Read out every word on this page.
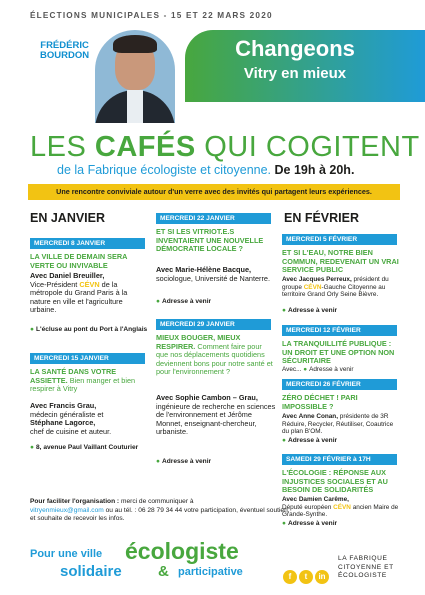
ÉLECTIONS MUNICIPALES - 15 ET 22 MARS 2020
Changeons
Vitry en mieux
FRÉDÉRIC
BOURDON
LES CAFÉS QUI COGITENT
de la Fabrique écologiste et citoyenne. De 19h à 20h.
Une rencontre conviviale autour d'un verre avec des invités qui partagent leurs expériences.
EN JANVIER	EN FÉVRIER
MERCREDI 8 JANVIER
LA VILLE DE DEMAIN SERA VERTE OU INVIVABLE
Avec Daniel Breuiller,
Vice-Président CÉVN de la métropole du Grand Paris à la nature en ville et l'agriculture urbaine.
● L'écluse au pont du Port à l'Anglais
MERCREDI 15 JANVIER
LA SANTÉ DANS VOTRE ASSIETTE. Bien manger et bien respirer à Vitry
Avec Francis Grau,
médecin généraliste et
Stéphane Lagorce,
chef de cuisine et auteur.
● 8, avenue Paul Vaillant Couturier
MERCREDI 22 JANVIER
ET SI LES VITRIOT.E.S INVENTAIENT UNE NOUVELLE DÉMOCRATIE LOCALE ?
Avec Marie-Hélène Bacque,
sociologue, Université de Nanterre.
● Adresse à venir
MERCREDI 29 JANVIER
MIEUX BOUGER, MIEUX RESPIRER. Comment faire pour que nos déplacements quotidiens deviennent bons pour notre santé et pour l'environnement ?
Avec Sophie Cambon – Grau,
ingénieure de recherche en sciences de l'environnement et Jérôme Monnet, enseignant-chercheur, urbaniste.
● Adresse à venir
MERCREDI 5 FÉVRIER
ET SI L'EAU, NOTRE BIEN COMMUN, REDEVENAIT UN VRAI SERVICE PUBLIC
Avec Jacques Perreux, président du groupe CÉVN-Gauche Citoyenne au territoire Grand Orly Seine Bièvre.
● Adresse à venir
MERCREDI 12 FÉVRIER
LA TRANQUILLITÉ PUBLIQUE : UN DROIT ET UNE OPTION NON SÉCURITAIRE
Avec... ● Adresse à venir
MERCREDI 26 FÉVRIER
ZÉRO DÉCHET ! PARI IMPOSSIBLE ?
Avec Anne Conan, présidente de 3R Réduire, Recycler, Réutiliser, Coautrice du plan B'OM.
● Adresse à venir
SAMEDI 29 FÉVRIER à 17H
L'ÉCOLOGIE : RÉPONSE AUX INJUSTICES SOCIALES ET AU BESOIN DE SOLIDARITÉS
Avec Damien Carême,
Député européen CÉVN ancien Maire de Grande-Synthe.
● Adresse à venir
Pour faciliter l'organisation : merci de communiquer à
vitryenmieux@gmail.com ou au tél. : 06 28 79 34 44 votre participation, éventuel soutien, et souhaite de recevoir les infos.
Pour une ville écologiste
solidaire & participative	f t in
LA FABRIQUE
CITOYENNE ET
ÉCOLOGISTE
